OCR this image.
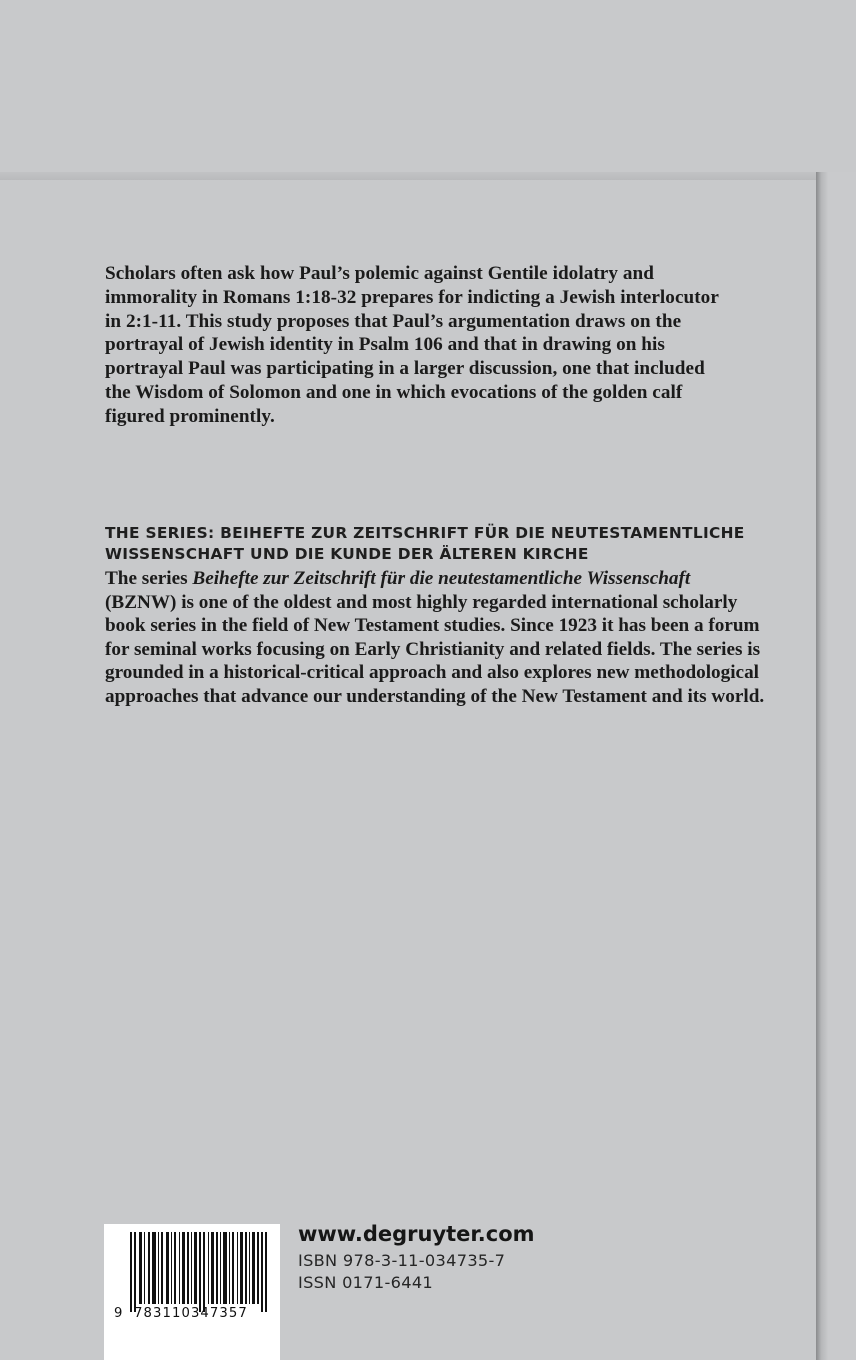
Scholars often ask how Paul’s polemic against Gentile idolatry and immorality in Romans 1:18-32 prepares for indicting a Jewish interlocutor in 2:1-11. This study proposes that Paul’s argumentation draws on the portrayal of Jewish identity in Psalm 106 and that in drawing on his portrayal Paul was participating in a larger discussion, one that included the Wisdom of Solomon and one in which evocations of the golden calf figured prominently.

THE SERIES: BEIHEFTE ZUR ZEITSCHRIFT FÜR DIE NEUTESTAMENTLICHE
WISSENSCHAFT UND DIE KUNDE DER ÄLTEREN KIRCHE

The series Beihefte zur Zeitschrift für die neutestamentliche Wissenschaft (BZNW) is one of the oldest and most highly regarded international scholarly book series in the field of New Testament studies. Since 1923 it has been a forum for seminal works focusing on Early Christianity and related fields. The series is grounded in a historical-critical approach and also explores new methodological approaches that advance our understanding of the New Testament and its world.

9 783110347357

www.degruyter.com

ISBN 978-3-11-034735-7

ISSN 0171-6441
